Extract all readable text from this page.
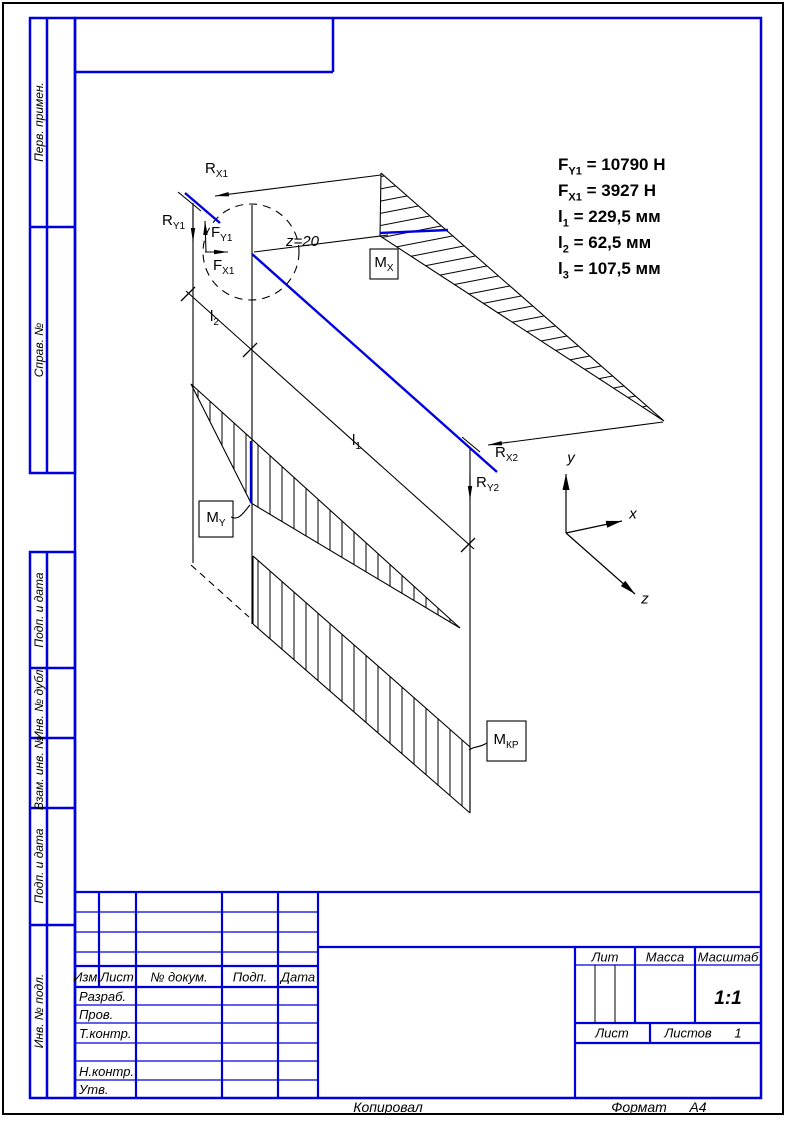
$R_{X1}$
$R_{Y1}$ $F_{Y1}$
$F_{X1}$
$R_{X2}$
$R_{Y2}$
$M_X$
$M_Y$
$M_{КР}$
z=20
$l_2$
$l_1$
y
x
z
$F_{Y1} = 10790$ Н
$F_{X1} = 3927$ Н
$l_1 = 229,5$ мм
$l_2 = 62,5$ мм
$l_3 = 107,5$ мм
Перв. примен.
Справ. №
Подп. и дата
Инв. № дубл.
Взам. инв. №
Подп. и дата
Инв. № подл. Изм. Лист № докум. Подп. Дата
Разраб.
Пров.
Т.контр.
Н.контр.
Утв.
Лит Масса Масштаб
1:1
Лист	Листов 1
Копировал	Формат А4
